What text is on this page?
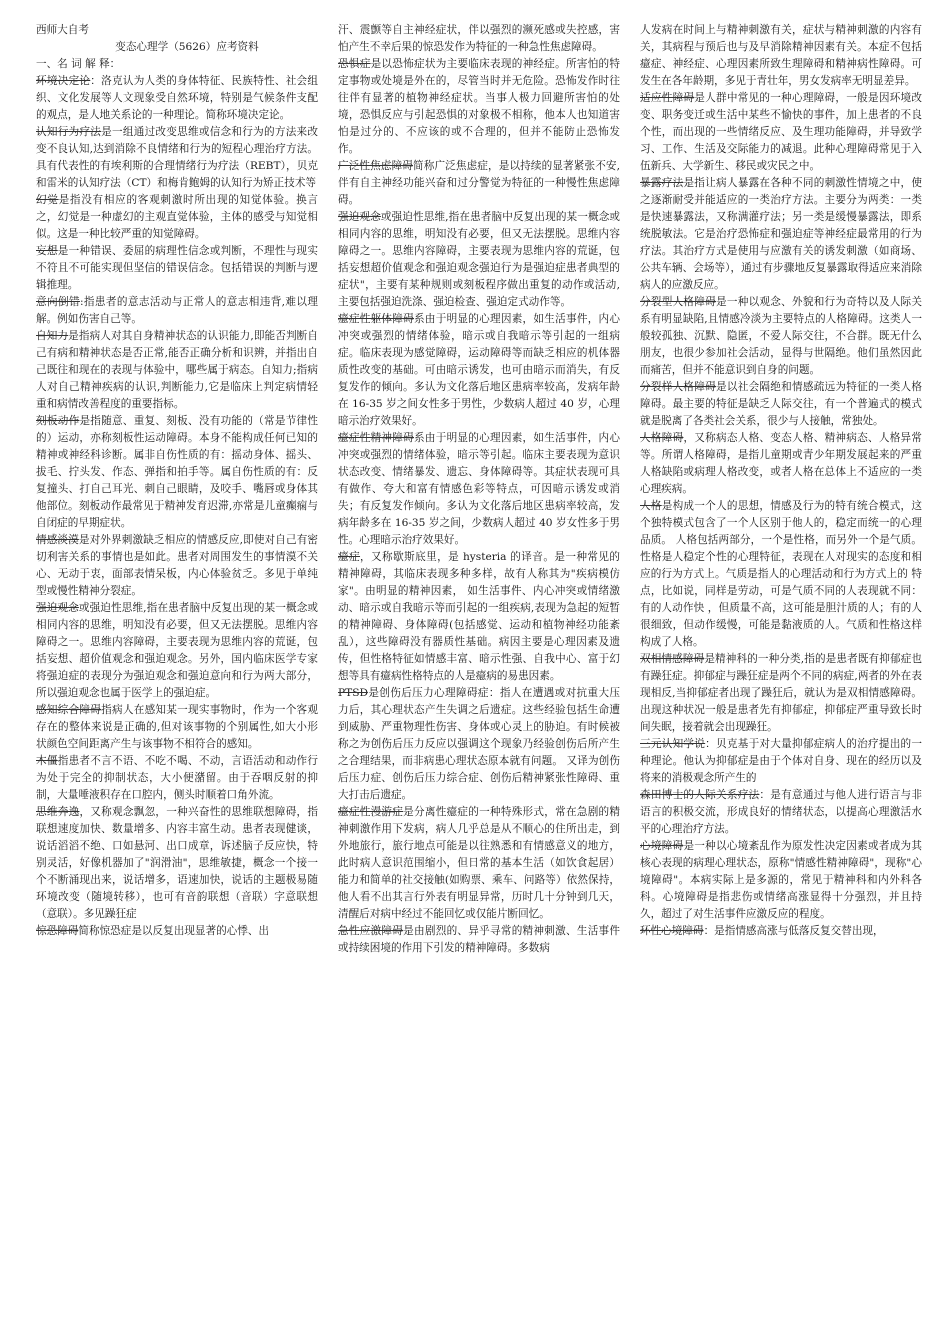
西师大自考

变态心理学（5626）应考资料

一、名 词 解 释：

环境决定论：洛克认为人类的身体特征、民族特性、社会组织、文化发展等人文现象受自然环境，特别是气候条件支配的观点，是人地关系论的一种理论。简称环境决定论。

认知行为疗法是一组通过改变思维或信念和行为的方法来改变不良认知,达到消除不良情绪和行为的短程心理治疗方法。具有代表性的有埃利斯的合理情绪行为疗法（REBT），贝克和雷米的认知疗法（CT）和梅肯鲍姆的认知行为矫正技术等

幻觉是指没有相应的客观刺激时所出现的知觉体验。换言之，幻觉是一种虚幻的主观直觉体验，主体的感受与知觉相似。这是一种比较严重的知觉障碍。

妄想是一种错误、委屈的病理性信念或判断，不理性与现实不符且不可能实现但坚信的错误信念。包括错误的判断与逻辑推理。

意向倒错:指患者的意志活动与正常人的意志相违背,难以理解。例如伤害自己等。

自知力是指病人对其自身精神状态的认识能力,即能否判断自己有病和精神状态是否正常,能否正确分析和识辨，并指出自己既往和现在的表现与体验中，哪些属于病态。自知力;指病人对自己精神疾病的认识,判断能力,它是临床上判定病情轻重和病情改善程度的重要指标。

刻板动作是指随意、重复、刻板、没有功能的（常是节律性的）运动，亦称刻板性运动障碍。本身不能构成任何已知的精神或神经科诊断。属非自伤性质的有：摇动身体、摇头、拔毛、拧头发、作态、弹指和拍手等。属自伤性质的有：反复撞头、打自己耳光、刺自己眼睛，及咬手、嘴唇或身体其他部位。刻板动作最常见于精神发育迟滞,亦常是儿童癫痫与自闭症的早期症状。

情感淡漠是对外界刺激缺乏相应的情感反应,即使对自己有密切利害关系的事情也是如此。患者对周围发生的事情漠不关心、无动于衷，面部表情呆板，内心体验贫乏。多见于单纯型或慢性精神分裂症。

强迫观念或强迫性思维,指在患者脑中反复出现的某一概念或相同内容的思维，明知没有必要，但又无法摆脱。思维内容障碍之一。思维内容障碍，主要表现为思维内容的荒诞，包括妄想、超价值观念和强迫观念。另外，国内临床医学专家将强迫症的表现分为强迫观念和强迫意向和行为两大部分，所以强迫观念也属于医学上的强迫症。

感知综合障碍指病人在感知某一现实事物时，作为一个客观存在的整体来说是正确的,但对该事物的个别属性,如大小形状颜色空间距离产生与该事物不相符合的感知。

木僵指患者不言不语、不吃不喝、不动，言语活动和动作行为处于完全的抑制状态，大小便潴留。由于吞咽反射的抑制，大量唾液积存在口腔内，侧头时顺着口角外流。

思维奔逸，又称观念飘忽，一种兴奋性的思维联想障碍，指联想速度加快、数量增多、内容丰富生动。患者表现健谈，说话滔滔不绝、口如悬河、出口成章，诉述脑子反应快，特别灵活，好像机器加了"润滑油"，思维敏捷，概念一个接一个不断涌现出来，说话增多，语速加快，说话的主题极易随环境改变（随境转移），也可有音韵联想（音联）字意联想（意联）。多见躁狂症

惊恐障碍简称惊恐症是以反复出现显著的心悸、出

汗、震颤等自主神经症状，伴以强烈的濒死感或失控感，害怕产生不幸后果的惊恐发作为特征的一种急性焦虑障碍。

恐惧症是以恐怖症状为主要临床表现的神经症。所害怕的特定事物或处境是外在的，尽管当时并无危险。恐怖发作时往往伴有显著的植物神经症状。当事人极力回避所害怕的处境，恐惧反应与引起恐惧的对象极不相称，他本人也知道害怕是过分的、不应该的或不合理的，但并不能防止恐怖发作。

广泛性焦虑障碍简称广泛焦虑症，是以持续的显著紧张不安,伴有自主神经功能兴奋和过分警觉为特征的一种慢性焦虑障碍。

强迫观念或强迫性思维,指在患者脑中反复出现的某一概念或相同内容的思维，明知没有必要，但又无法摆脱。思维内容障碍之一。思维内容障碍，主要表现为思维内容的荒诞，包括妄想超价值观念和强迫观念强迫行为是强迫症患者典型的症状"，主要有某种规则或刻板程序做出重复的动作或活动,主要包括强迫洗涤、强迫检查、强迫定式动作等。

癔症性躯体障碍系由于明显的心理因素，如生活事件，内心冲突或强烈的情绪体验，暗示或自我暗示等引起的一组病症。临床表现为感觉障碍，运动障碍等而缺乏相应的机体器质性改变的基础。可由暗示诱发，也可由暗示而消失，有反复发作的倾向。多认为文化落后地区患病率较高，发病年龄在 16-35 岁之间女性多于男性，少数病人超过 40 岁，心理暗示治疗效果好。

癔症性精神障碍系由于明显的心理因素，如生活事件，内心冲突或强烈的情绪体验，暗示等引起。临床主要表现为意识状态改变、情绪暴发、遗忘、身体障碍等。其症状表现可具有做作、夸大和富有情感色彩等特点，可因暗示诱发或消失；有反复发作倾向。多认为文化落后地区患病率较高，发病年龄多在 16-35 岁之间，少数病人超过 40 岁女性多于男性。心理暗示治疗效果好。

癔症，又称歇斯底里，是 hysteria 的译音。是一种常见的精神障碍，其临床表现多种多样，故有人称其为"疾病模仿家"。由明显的精神因素， 如生活事件、内心冲突或情绪激动、暗示或自我暗示等而引起的一组疾病,表现为急起的短暂的精神障碍、身体障碍(包括感觉、运动和植物神经功能紊乱），这些障碍没有器质性基础。病因主要是心理因素及遗传，但性格特征如情感丰富、暗示性强、自我中心、富于幻想等具有癔病性格特点的人是癔病的易患因素。

PTSD是创伤后压力心理障碍症：指人在遭遇或对抗重大压力后，其心理状态产生失调之后遗症。这些经验包括生命遭到威胁、严重物理性伤害、身体或心灵上的胁迫。有时候被称之为创伤后压力反应以强调这个现象乃经验创伤后所产生之合理结果，而非病患心理状态原本就有问题。 又译为创伤后压力症、创伤后压力综合症、创伤后精神紧张性障碍、重大打击后遗症。

癔症性漫游症是分离性癔症的一种特殊形式，常在急剧的精神刺激作用下发病，病人几乎总是从不顺心的住所出走，到外地旅行，旅行地点可能是以往熟悉和有情感意义的地方，此时病人意识范围缩小，但日常的基本生活（如饮食起居）能力和简单的社交接触(如购票、乘车、问路等）依然保持，他人看不出其言行外表有明显异常，历时几十分钟到几天，清醒后对病中经过不能回忆或仅能片断回忆。

急性应激障碍是由剧烈的、异乎寻常的精神刺激、生活事件或持续困境的作用下引发的精神障碍。多数病

人发病在时间上与精神刺激有关，症状与精神刺激的内容有关，其病程与预后也与及早消除精神因素有关。本症不包括癔症、神经症、心理因素所致生理障碍和精神病性障碍。可发生在各年龄期，多见于青壮年，男女发病率无明显差异。

适应性障碍是人群中常见的一种心理障碍，一般是因环境改变、职务变迁或生活中某些不愉快的事件，加上患者的不良个性，而出现的一些情绪反应、及生理功能障碍，并导致学习、工作、生活及交际能力的减退。此种心理障碍常见于入伍新兵、大学新生、移民或灾民之中。

暴露疗法是指让病人暴露在各种不同的刺激性情境之中，使之逐渐耐受并能适应的一类治疗方法。主要分为两类：一类是快速暴露法，又称满灌疗法；另一类是缓慢暴露法，即系统脱敏法。它是治疗恐怖症和强迫症等神经症最常用的行为疗法。其治疗方式是使用与应激有关的诱发刺激（如商场、公共车辆、会场等），通过有步骤地反复暴露取得适应来消除病人的应激反应。

分裂型人格障碍是一种以观念、外貌和行为奇特以及人际关系有明显缺陷,且情感冷淡为主要特点的人格障碍。这类人一般较孤独、沉默、隐匿，不爱人际交往，不合群。既无什么朋友，也很少参加社会活动，显得与世隔绝。他们虽然因此而痛苦，但并不能意识到自身的问题。

分裂样人格障碍是以社会隔绝和情感疏远为特征的一类人格障碍。最主要的特征是缺乏人际交往，有一个普遍式的模式就是脱离了各类社会关系，很少与人接触，常独处。

人格障碍，又称病态人格、变态人格、精神病态、人格异常等。所谓人格障碍，是指儿童期或青少年期发展起来的严重人格缺陷或病理人格改变，或者人格在总体上不适应的一类心理疾病。

人格是构成一个人的思想，情感及行为的特有统合模式，这个独特模式包含了一个人区别于他人的，稳定而统一的心理品质。 人格包括两部分，一个是性格，而另外一个是气质。性格是人稳定个性的心理特征，表现在人对现实的态度和相应的行为方式上。气质是指人的心理活动和行为方式上的 特点，比如说，同样是劳动，可是气质不同的人表现就不同：有的人动作快 ，但质量不高，这可能是胆汁质的人；有的人很细致，但动作缓慢，可能是黏液质的人。气质和性格这样构成了人格。

双相情感障碍是精神科的一种分类,指的是患者既有抑郁症也有躁狂症。抑郁症与躁狂症是两个不同的病症,两者的外在表现相反,当抑郁症者出现了躁狂后，就认为是双相情感障碍。 出现这种状况一般是患者先有抑郁症，抑郁症严重导致长时间失眠，接着就会出现躁狂。

三元认知学说：贝克基于对大量抑郁症病人的治疗提出的一种理论。他认为抑郁症是由于个体对自身、现在的经历以及将来的消极观念所产生的

森田博士的人际关系疗法：是有意通过与他人进行语言与非语言的积极交流，形成良好的情绪状态，以提高心理激活水平的心理治疗方法。

心境障碍是一种以心境紊乱作为原发性决定因素或者成为其核心表现的病理心理状态，原称"情感性精神障碍"，现称"心境障碍"。本病实际上是多源的，常见于精神科和内外科各科。心境障碍是指悲伤或情绪高涨显得十分强烈，并且持久，超过了对生活事件应激反应的程度。

环性心境障碍：是指情感高涨与低落反复交替出现，
